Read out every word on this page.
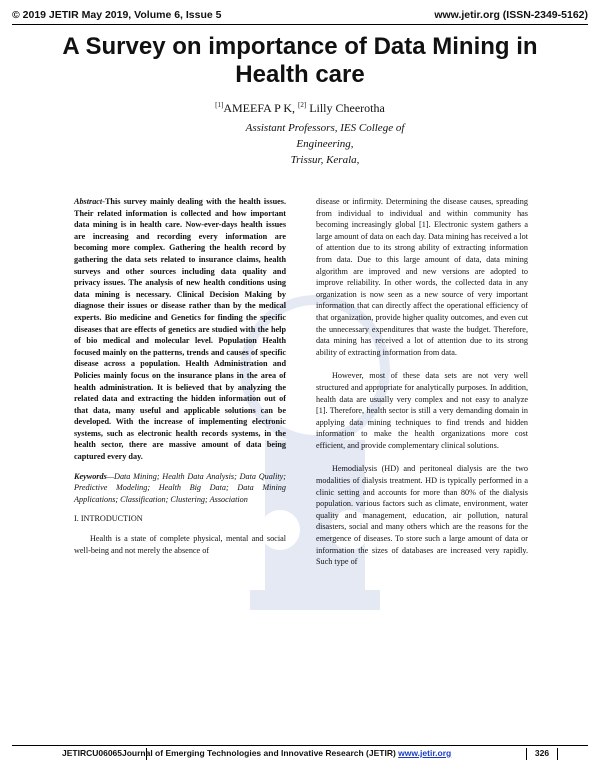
© 2019 JETIR May 2019, Volume 6, Issue 5	www.jetir.org (ISSN-2349-5162)
A Survey on importance of Data Mining in Health care
[1]AMEEFA P K, [2] Lilly Cheerotha
Assistant Professors, IES College of
Engineering,
Trissur, Kerala,

Abstract-This survey mainly dealing with the health issues. Their related information is collected and how important data mining is in health care. Now-ever-days health issues are increasing and recording every information are becoming more complex. Gathering the health record by gathering the data sets related to insurance claims, health surveys and other sources including data quality and privacy issues. The analysis of new health conditions using data mining is necessary. Clinical Decision Making by diagnose their issues or disease rather than by the medical experts. Bio medicine and Genetics for finding the specific diseases that are effects of genetics are studied with the help of bio medical and molecular level. Population Health focused mainly on the patterns, trends and causes of specific disease across a population. Health Administration and Policies mainly focus on the insurance plans in the area of health administration. It is believed that by analyzing the related data and extracting the hidden information out of that data, many useful and applicable solutions can be developed. With the increase of implementing electronic systems, such as electronic health records systems, in the health sector, there are massive amount of data being captured every day.

Keywords—Data Mining; Health Data Analysis; Data Quality; Predictive Modeling; Health Big Data; Data Mining Applications; Classification; Clustering; Association

I. INTRODUCTION

Health is a state of complete physical, mental and social well-being and not merely the absence of

disease or infirmity. Determining the disease causes, spreading from individual to individual and within community has becoming increasingly global [1]. Electronic system gathers a large amount of data on each day. Data mining has received a lot of attention due to its strong ability of extracting information from data. Due to this large amount of data, data mining algorithm are improved and new versions are adopted to improve reliability. In other words, the collected data in any organization is now seen as a new source of very important information that can directly affect the operational efficiency of that organization, provide higher quality outcomes, and even cut the unnecessary expenditures that waste the budget. Therefore, data mining has received a lot of attention due to its strong ability of extracting information from data.

However, most of these data sets are not very well structured and appropriate for analytically purposes. In addition, health data are usually very complex and not easy to analyze [1]. Therefore, health sector is still a very demanding domain in applying data mining techniques to find trends and hidden information to make the health organizations more cost efficient, and provide complementary clinical solutions.

Hemodialysis (HD) and peritoneal dialysis are the two modalities of dialysis treatment. HD is typically performed in a clinic setting and accounts for more than 80% of the dialysis population. various factors such as climate, environment, water quality and management, education, air pollution, natural disasters, social and many others which are the reasons for the emergence of diseases. To store such a large amount of data or information the sizes of databases are increased very rapidly. Such type of

JETIRCU06065 Journal of Emerging Technologies and Innovative Research (JETIR) www.jetir.org	326
